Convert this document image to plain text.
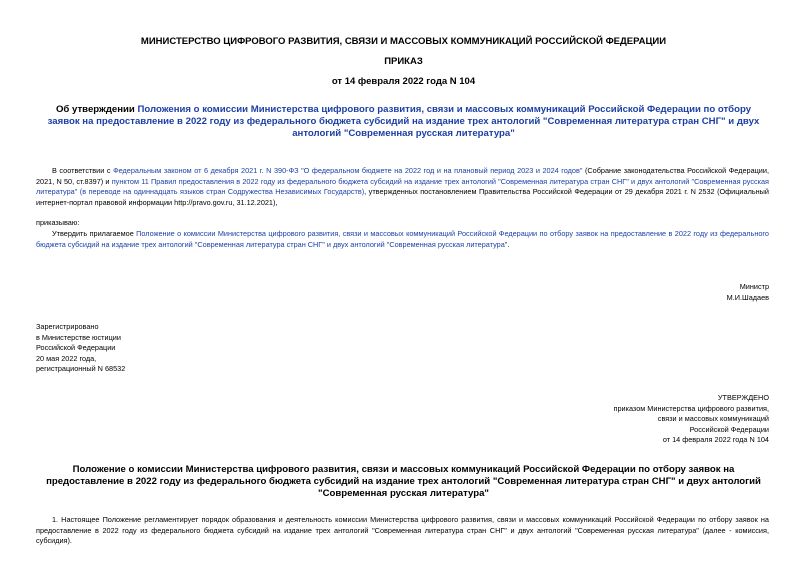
МИНИСТЕРСТВО ЦИФРОВОГО РАЗВИТИЯ, СВЯЗИ И МАССОВЫХ КОММУНИКАЦИЙ РОССИЙСКОЙ ФЕДЕРАЦИИ
ПРИКАЗ
от 14 февраля 2022 года N 104
Об утверждении Положения о комиссии Министерства цифрового развития, связи и массовых коммуникаций Российской Федерации по отбору заявок на предоставление в 2022 году из федерального бюджета субсидий на издание трех антологий "Современная литература стран СНГ" и двух антологий "Современная русская литература"
В соответствии с Федеральным законом от 6 декабря 2021 г. N 390-ФЗ "О федеральном бюджете на 2022 год и на плановый период 2023 и 2024 годов" (Собрание законодательства Российской Федерации, 2021, N 50, ст.8397) и пунктом 11 Правил предоставления в 2022 году из федерального бюджета субсидий на издание трех антологий "Современная литература стран СНГ" и двух антологий "Современная русская литература" (в переводе на одиннадцать языков стран Содружества Независимых Государств), утвержденных постановлением Правительства Российской Федерации от 29 декабря 2021 г. N 2532 (Официальный интернет-портал правовой информации http://pravo.gov.ru, 31.12.2021),
приказываю:
Утвердить прилагаемое Положение о комиссии Министерства цифрового развития, связи и массовых коммуникаций Российской Федерации по отбору заявок на предоставление в 2022 году из федерального бюджета субсидий на издание трех антологий "Современная литература стран СНГ" и двух антологий "Современная русская литература".
Министр
М.И.Шадаев
Зарегистрировано
в Министерстве юстиции
Российской Федерации
20 мая 2022 года,
регистрационный N 68532
УТВЕРЖДЕНО
приказом Министерства цифрового развития,
связи и массовых коммуникаций
Российской Федерации
от 14 февраля 2022 года N 104
Положение о комиссии Министерства цифрового развития, связи и массовых коммуникаций Российской Федерации по отбору заявок на предоставление в 2022 году из федерального бюджета субсидий на издание трех антологий "Современная литература стран СНГ" и двух антологий "Современная русская литература"
1. Настоящее Положение регламентирует порядок образования и деятельность комиссии Министерства цифрового развития, связи и массовых коммуникаций Российской Федерации по отбору заявок на предоставление в 2022 году из федерального бюджета субсидий на издание трех антологий "Современная литература стран СНГ" и двух антологий "Современная русская литература" (далее - комиссия, субсидия).
